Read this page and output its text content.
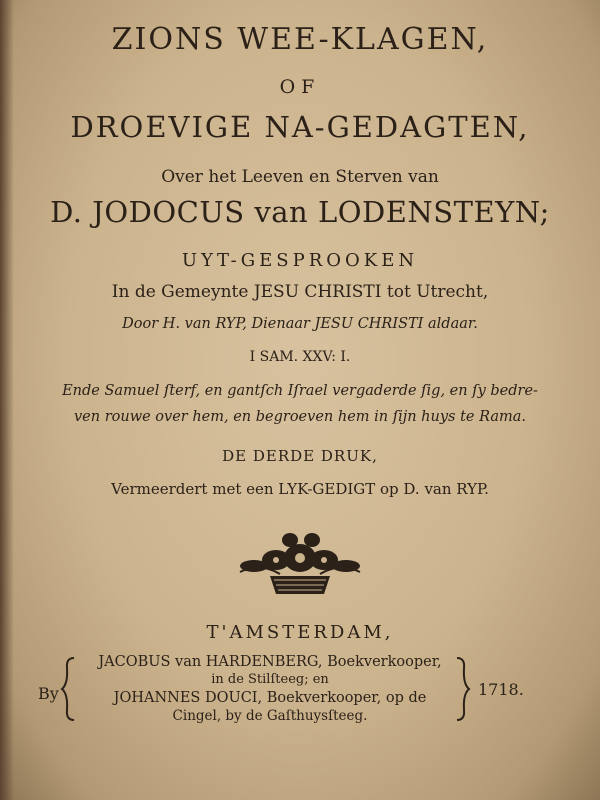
ZIONS WEE-KLAGEN,
OF
DROEVIGE NA-GEDAGTEN,
Over het Leeven en Sterven van
D. JODOCUS van LODENSTEYN;
UYT-GESPROOKEN
In de Gemeynte JESU CHRISTI tot Utrecht,
Door H. van RYP, Dienaar JESU CHRISTI aldaar.
I SAM. XXV: I.
Ende Samuel ſterf, en gantſch Iſrael vergaderde ſig, en ſy bedre-
ven rouwe over hem, en begroeven hem in ſijn huys te Rama.
DE DERDE DRUK,
Vermeerdert met een LYK-GEDIGT op D. van RYP.
T'AMSTERDAM,
By
JACOBUS van HARDENBERG, Boekverkooper,
in de Stilſteeg; en
JOHANNES DOUCI, Boekverkooper, op de
Cingel, by de Gaſthuysſteeg.
1718.
